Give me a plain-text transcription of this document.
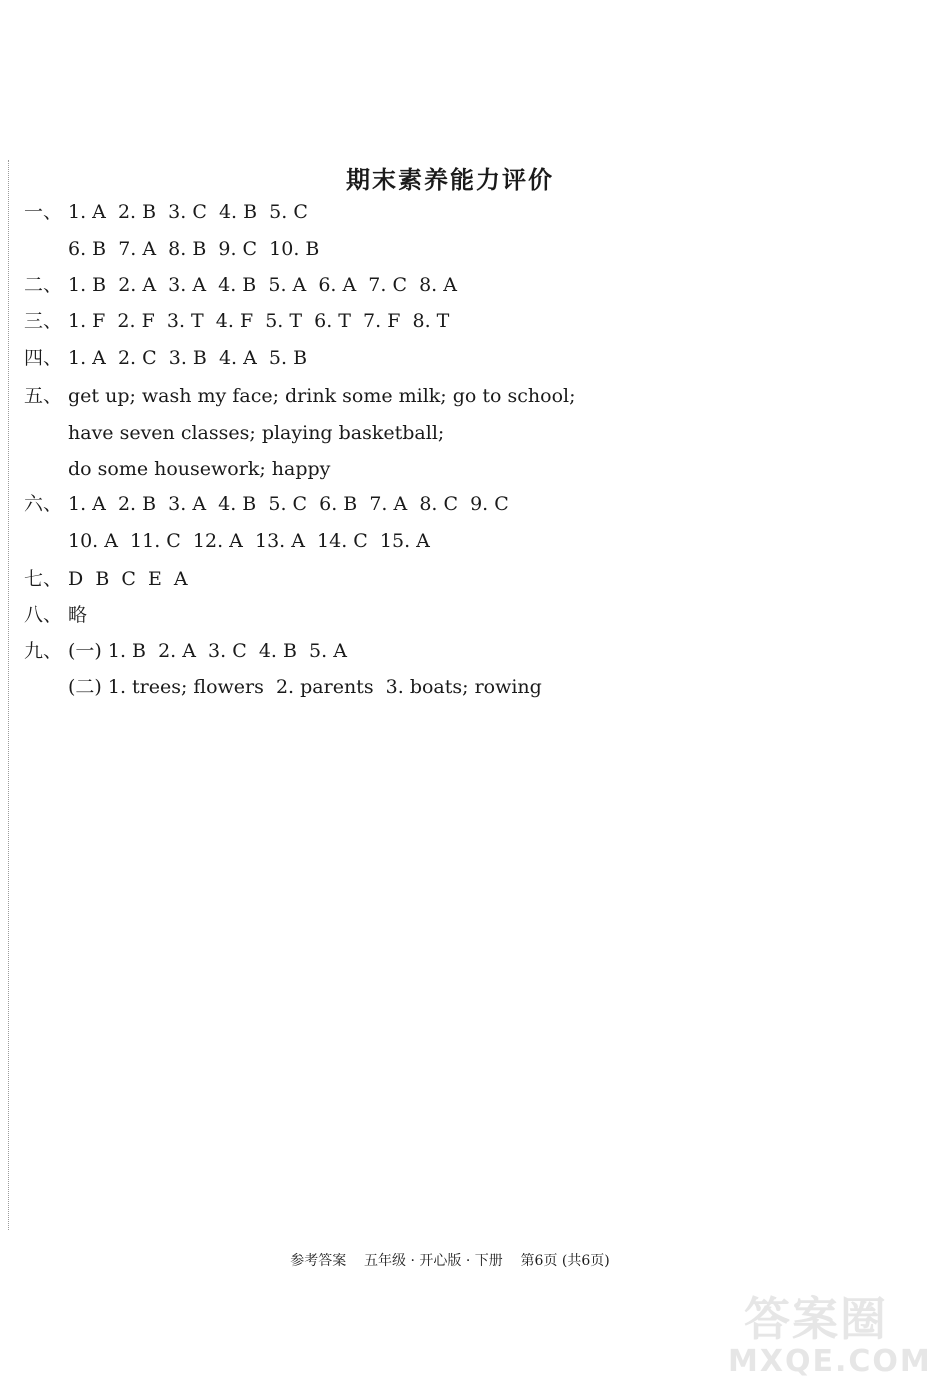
期末素养能力评价
一、 1. A  2. B  3. C  4. B  5. C
6. B  7. A  8. B  9. C  10. B
二、 1. B  2. A  3. A  4. B  5. A  6. A  7. C  8. A
三、 1. F  2. F  3. T  4. F  5. T  6. T  7. F  8. T
四、 1. A  2. C  3. B  4. A  5. B
五、 get up; wash my face; drink some milk; go to school;
have seven classes; playing basketball;
do some housework; happy
六、 1. A  2. B  3. A  4. B  5. C  6. B  7. A  8. C  9. C
10. A  11. C  12. A  13. A  14. C  15. A
七、 D  B  C  E  A
八、 略
九、 (一) 1. B  2. A  3. C  4. B  5. A
(二) 1. trees; flowers  2. parents  3. boats; rowing
参考答案    五年级 · 开心版 · 下册    第6页 (共6页)
答案圈
MXQE.COM
